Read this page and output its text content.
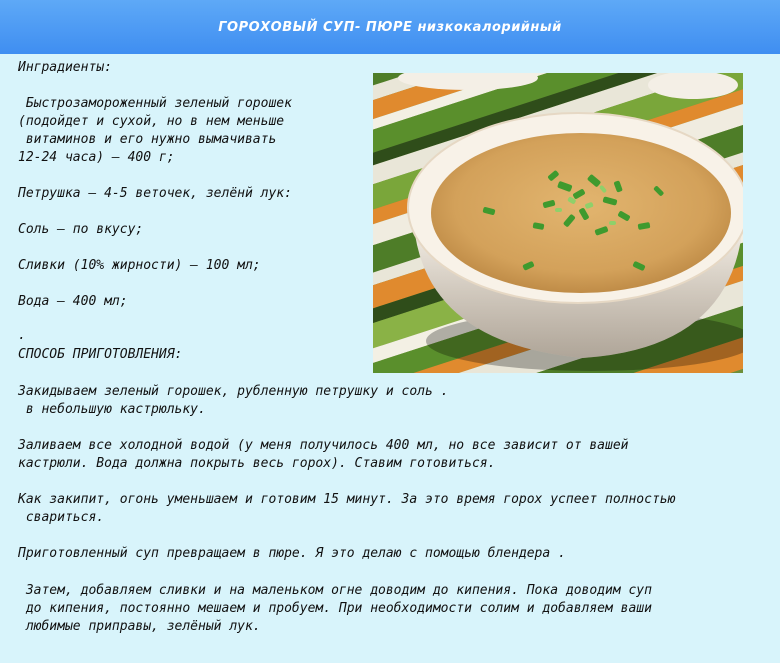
ГОРОХОВЫЙ СУП- ПЮРЕ низкокалорийный
Инградиенты:
Быстрозамороженный зеленый горошек
(подойдет и сухой, но в нем меньше
витаминов и его нужно вымачивать
12-24 часа) — 400 г;
Петрушка — 4-5 веточек, зелёнй лук:
Соль — по вкусу;
Сливки (10% жирности) — 100 мл;
Вода — 400 мл;
.
СПОСОБ ПРИГОТОВЛЕНИЯ:
Закидываем зеленый горошек, рубленную петрушку и соль .
в небольшую кастрюльку.
Заливаем все холодной водой (у меня получилось 400 мл, но все зависит от вашей
кастрюли. Вода должна покрыть весь горох). Ставим готовиться.
Как закипит, огонь уменьшаем и готовим 15 минут. За это время горох успеет полностью
свариться.
Приготовленный суп превращаем в пюре. Я это делаю с помощью блендера .
Затем, добавляем сливки и на маленьком огне доводим до кипения. Пока доводим суп
до кипения, постоянно мешаем и пробуем. При необходимости солим и добавляем ваши
любимые приправы, зелёный лук.
